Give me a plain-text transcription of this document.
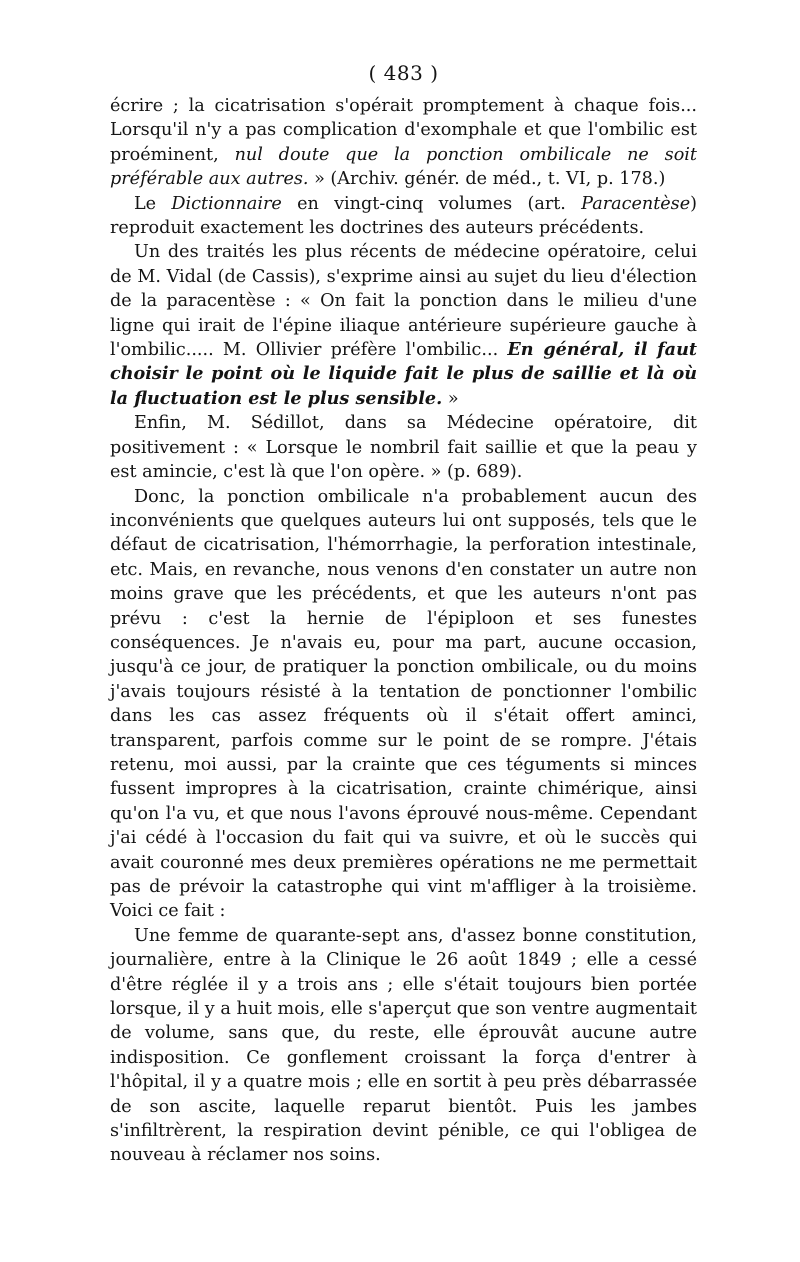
( 483 )

écrire ; la cicatrisation s'opérait promptement à chaque fois... Lorsqu'il n'y a pas complication d'exomphale et que l'ombilic est proéminent, nul doute que la ponction ombilicale ne soit préférable aux autres. » (Archiv. génér. de méd., t. VI, p. 178.)

Le Dictionnaire en vingt-cinq volumes (art. Paracentèse) reproduit exactement les doctrines des auteurs précédents.

Un des traités les plus récents de médecine opératoire, celui de M. Vidal (de Cassis), s'exprime ainsi au sujet du lieu d'élection de la paracentèse : « On fait la ponction dans le milieu d'une ligne qui irait de l'épine iliaque antérieure supérieure gauche à l'ombilic..... M. Ollivier préfère l'ombilic... En général, il faut choisir le point où le liquide fait le plus de saillie et là où la fluctuation est le plus sensible. »

Enfin, M. Sédillot, dans sa Médecine opératoire, dit positivement : « Lorsque le nombril fait saillie et que la peau y est amincie, c'est là que l'on opère. » (p. 689).

Donc, la ponction ombilicale n'a probablement aucun des inconvénients que quelques auteurs lui ont supposés, tels que le défaut de cicatrisation, l'hémorrhagie, la perforation intestinale, etc. Mais, en revanche, nous venons d'en constater un autre non moins grave que les précédents, et que les auteurs n'ont pas prévu : c'est la hernie de l'épiploon et ses funestes conséquences. Je n'avais eu, pour ma part, aucune occasion, jusqu'à ce jour, de pratiquer la ponction ombilicale, ou du moins j'avais toujours résisté à la tentation de ponctionner l'ombilic dans les cas assez fréquents où il s'était offert aminci, transparent, parfois comme sur le point de se rompre. J'étais retenu, moi aussi, par la crainte que ces téguments si minces fussent impropres à la cicatrisation, crainte chimérique, ainsi qu'on l'a vu, et que nous l'avons éprouvé nous-même. Cependant j'ai cédé à l'occasion du fait qui va suivre, et où le succès qui avait couronné mes deux premières opérations ne me permettait pas de prévoir la catastrophe qui vint m'affliger à la troisième. Voici ce fait :

Une femme de quarante-sept ans, d'assez bonne constitution, journalière, entre à la Clinique le 26 août 1849 ; elle a cessé d'être réglée il y a trois ans ; elle s'était toujours bien portée lorsque, il y a huit mois, elle s'aperçut que son ventre augmentait de volume, sans que, du reste, elle éprouvât aucune autre indisposition. Ce gonflement croissant la força d'entrer à l'hôpital, il y a quatre mois ; elle en sortit à peu près débarrassée de son ascite, laquelle reparut bientôt. Puis les jambes s'infiltrèrent, la respiration devint pénible, ce qui l'obligea de nouveau à réclamer nos soins.
